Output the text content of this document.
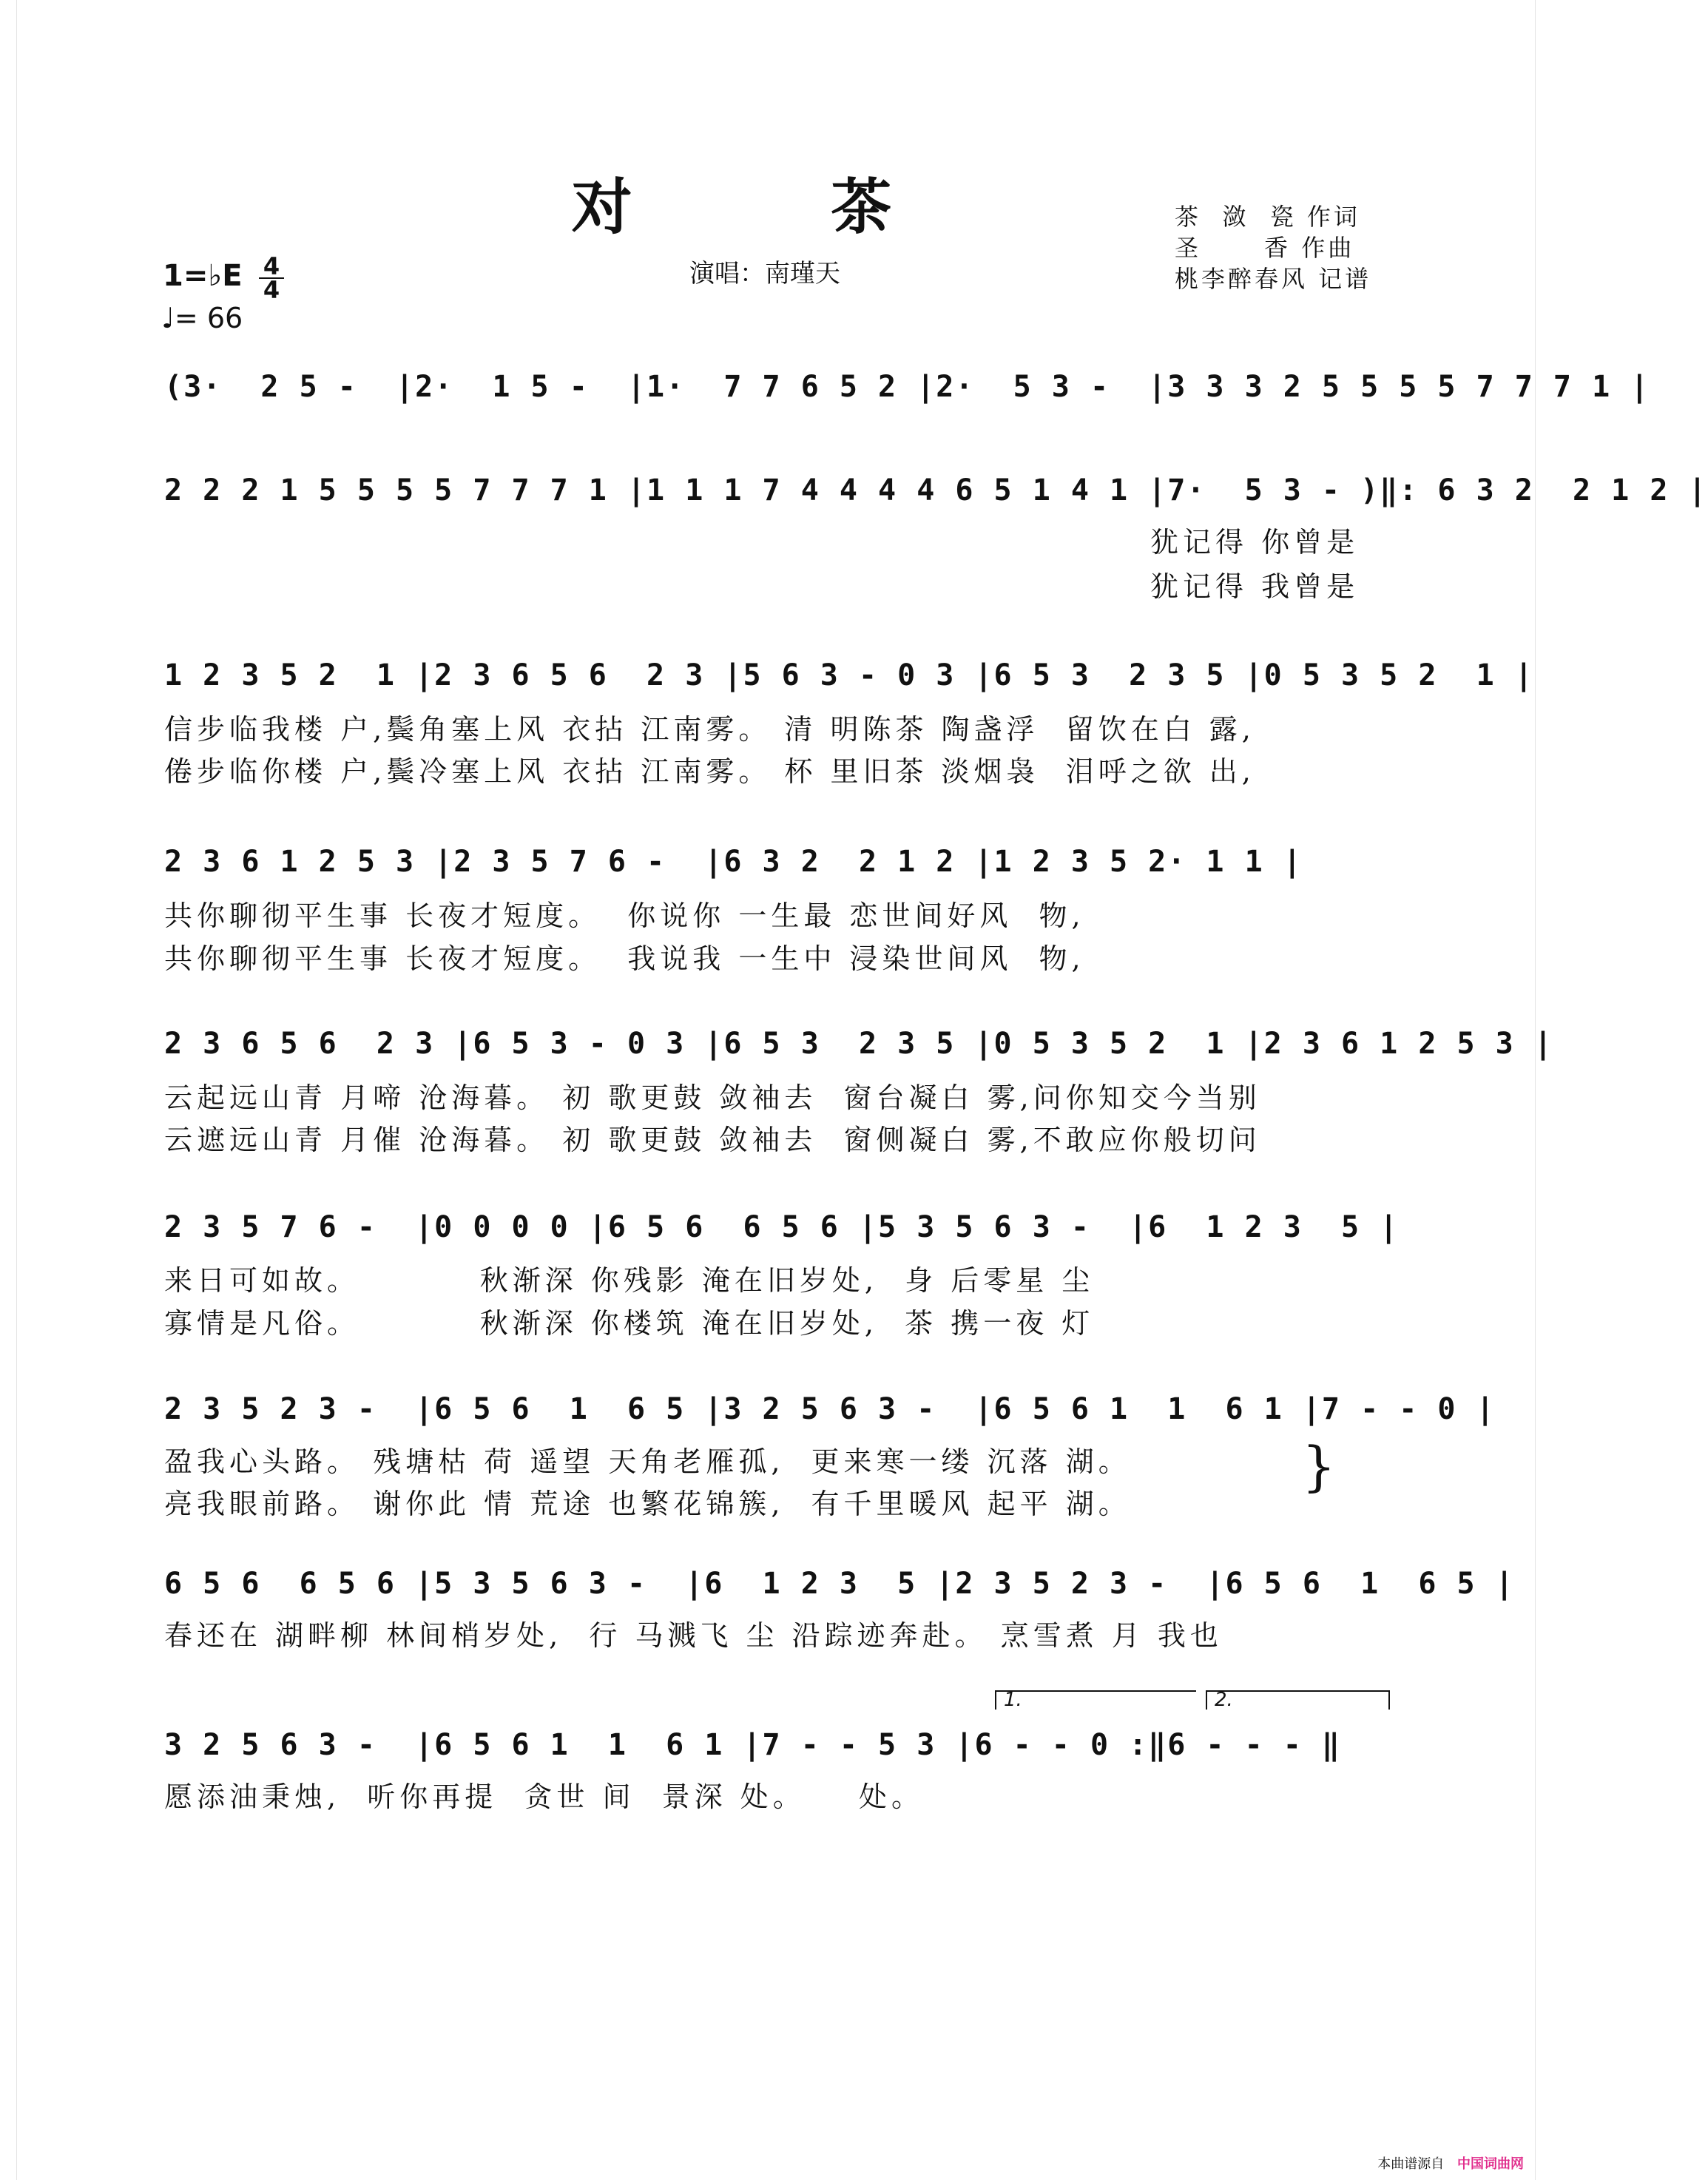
对 茶
演唱：南瑾天
茶  潋  瓷 作词
圣      香 作曲
桃李醉春风 记谱
1=♭E $\frac{4}{4}$
♩= 66
(3·  2 5 -  |2·  1 5 -  |1·  7 7 6 5 2 |2·  5 3 -  |3 3 3 2 5 5 5 5 7 7 7 1 |
2 2 2 1 5 5 5 5 7 7 7 1 |1 1 1 7 4 4 4 4 6 5 1 4 1 |7·  5 3 - )‖: 6 3 2  2 1 2 |
犹记得 你曾是
犹记得 我曾是
1 2 3 5 2  1 |2 3 6 5 6  2 3 |5 6 3 - 0 3 |6 5 3  2 3 5 |0 5 3 5 2  1 |
信步临我楼 户,鬓角塞上风 衣拈 江南雾。 清 明陈茶 陶盏浮  留饮在白 露,
倦步临你楼 户,鬓冷塞上风 衣拈 江南雾。 杯 里旧茶 淡烟袅  泪呼之欲 出,
2 3 6 1 2 5 3 |2 3 5 7 6 -  |6 3 2  2 1 2 |1 2 3 5 2· 1 1 |
共你聊彻平生事 长夜才短度。  你说你 一生最 恋世间好风  物,
共你聊彻平生事 长夜才短度。  我说我 一生中 浸染世间风  物,
2 3 6 5 6  2 3 |6 5 3 - 0 3 |6 5 3  2 3 5 |0 5 3 5 2  1 |2 3 6 1 2 5 3 |
云起远山青 月啼 沧海暮。 初 歌更鼓 敛袖去  窗台凝白 雾,问你知交今当别
云遮远山青 月催 沧海暮。 初 歌更鼓 敛袖去  窗侧凝白 雾,不敢应你般切问
2 3 5 7 6 -  |0 0 0 0 |6 5 6  6 5 6 |5 3 5 6 3 -  |6  1 2 3  5 |
来日可如故。         秋渐深 你残影 淹在旧岁处,  身 后零星 尘
寡情是凡俗。         秋渐深 你楼筑 淹在旧岁处,  茶 携一夜 灯
2 3 5 2 3 -  |6 5 6  1  6 5 |3 2 5 6 3 -  |6 5 6 1  1  6 1 |7 - - 0 |
盈我心头路。 残塘枯 荷 遥望 天角老雁孤,  更来寒一缕 沉落 湖。
亮我眼前路。 谢你此 情 荒途 也繁花锦簇,  有千里暖风 起平 湖。
}
6 5 6  6 5 6 |5 3 5 6 3 -  |6  1 2 3  5 |2 3 5 2 3 -  |6 5 6  1  6 5 |
春还在 湖畔柳 林间梢岁处,  行 马溅飞 尘 沿踪迹奔赴。 烹雪煮 月 我也
1.	2.
3 2 5 6 3 -  |6 5 6 1  1  6 1 |7 - - 5 3 |6 - - 0 :‖6 - - - ‖
愿添油秉烛,  听你再提  贪世 间  景深 处。    处。
本曲谱源自 中国词曲网
